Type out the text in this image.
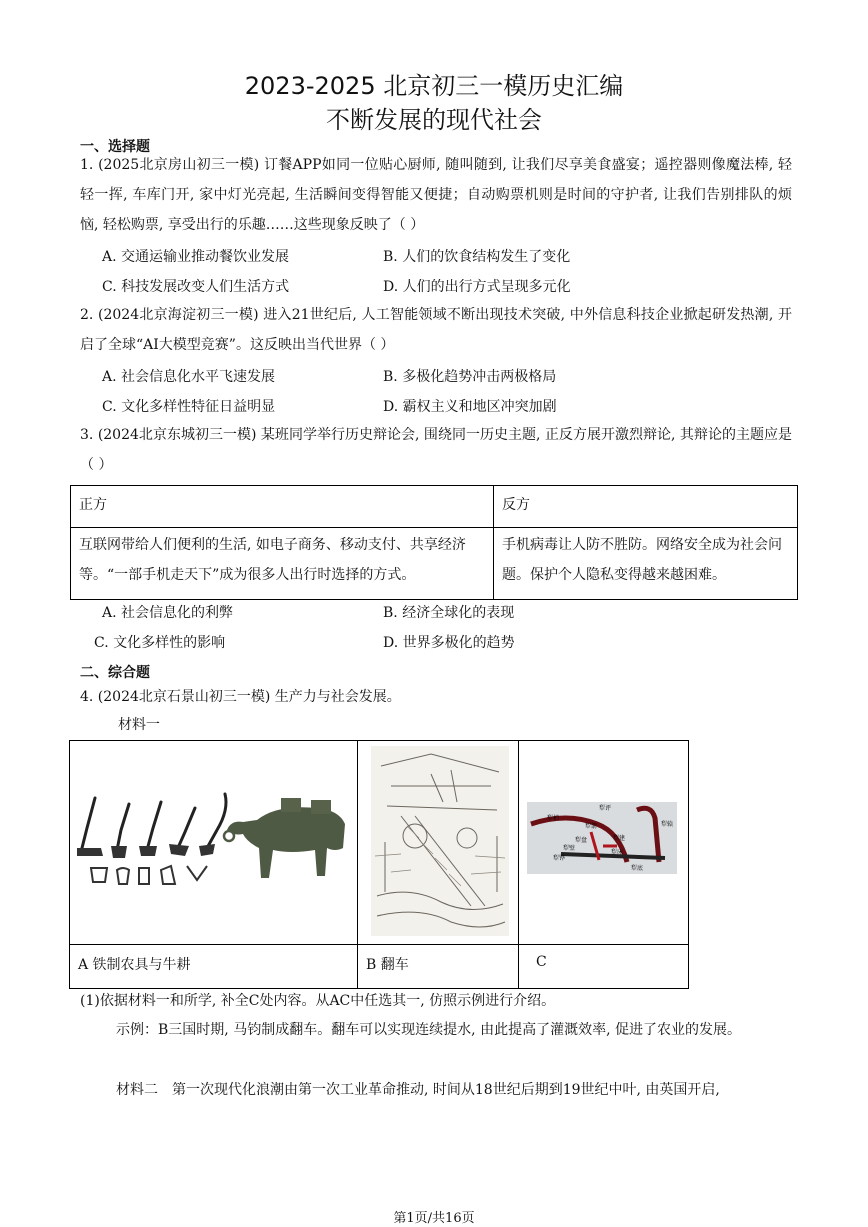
2023-2025 北京初三一模历史汇编
不断发展的现代社会
一、选择题
1. (2025北京房山初三一模) 订餐APP如同一位贴心厨师, 随叫随到, 让我们尽享美食盛宴；遥控器则像魔法棒, 轻轻一挥, 车库门开, 家中灯光亮起, 生活瞬间变得智能又便捷；自动购票机则是时间的守护者, 让我们告别排队的烦恼, 轻松购票, 享受出行的乐趣……这些现象反映了（ ）
A. 交通运输业推动餐饮业发展	B. 人们的饮食结构发生了变化
C. 科技发展改变人们生活方式	D. 人们的出行方式呈现多元化
2. (2024北京海淀初三一模) 进入21世纪后, 人工智能领域不断出现技术突破, 中外信息科技企业掀起研发热潮, 开启了全球“AI大模型竞赛”。这反映出当代世界（ ）
A. 社会信息化水平飞速发展	B. 多极化趋势冲击两极格局
C. 文化多样性特征日益明显	D. 霸权主义和地区冲突加剧
3. (2024北京东城初三一模) 某班同学举行历史辩论会, 围绕同一历史主题, 正反方展开激烈辩论, 其辩论的主题应是（ ）
正方	反方
互联网带给人们便利的生活, 如电子商务、移动支付、共享经济等。“一部手机走天下”成为很多人出行时选择的方式。	手机病毒让人防不胜防。网络安全成为社会问题。保护个人隐私变得越来越困难。
A. 社会信息化的利弊	B. 经济全球化的表现
C. 文化多样性的影响	D. 世界多极化的趋势
二、综合题
4. (2024北京石景山初三一模) 生产力与社会发展。
材料一
犁评
犁梢
犁辕
犁箭
犁建
犁盘
犁床
犁壁
犁铧
犁底
A 铁制农具与牛耕	B 翻车	C
(1)依据材料一和所学, 补全C处内容。从AC中任选其一, 仿照示例进行介绍。
示例：B三国时期, 马钧制成翻车。翻车可以实现连续提水, 由此提高了灌溉效率, 促进了农业的发展。
材料二　第一次现代化浪潮由第一次工业革命推动, 时间从18世纪后期到19世纪中叶, 由英国开启,
第1页/共16页
